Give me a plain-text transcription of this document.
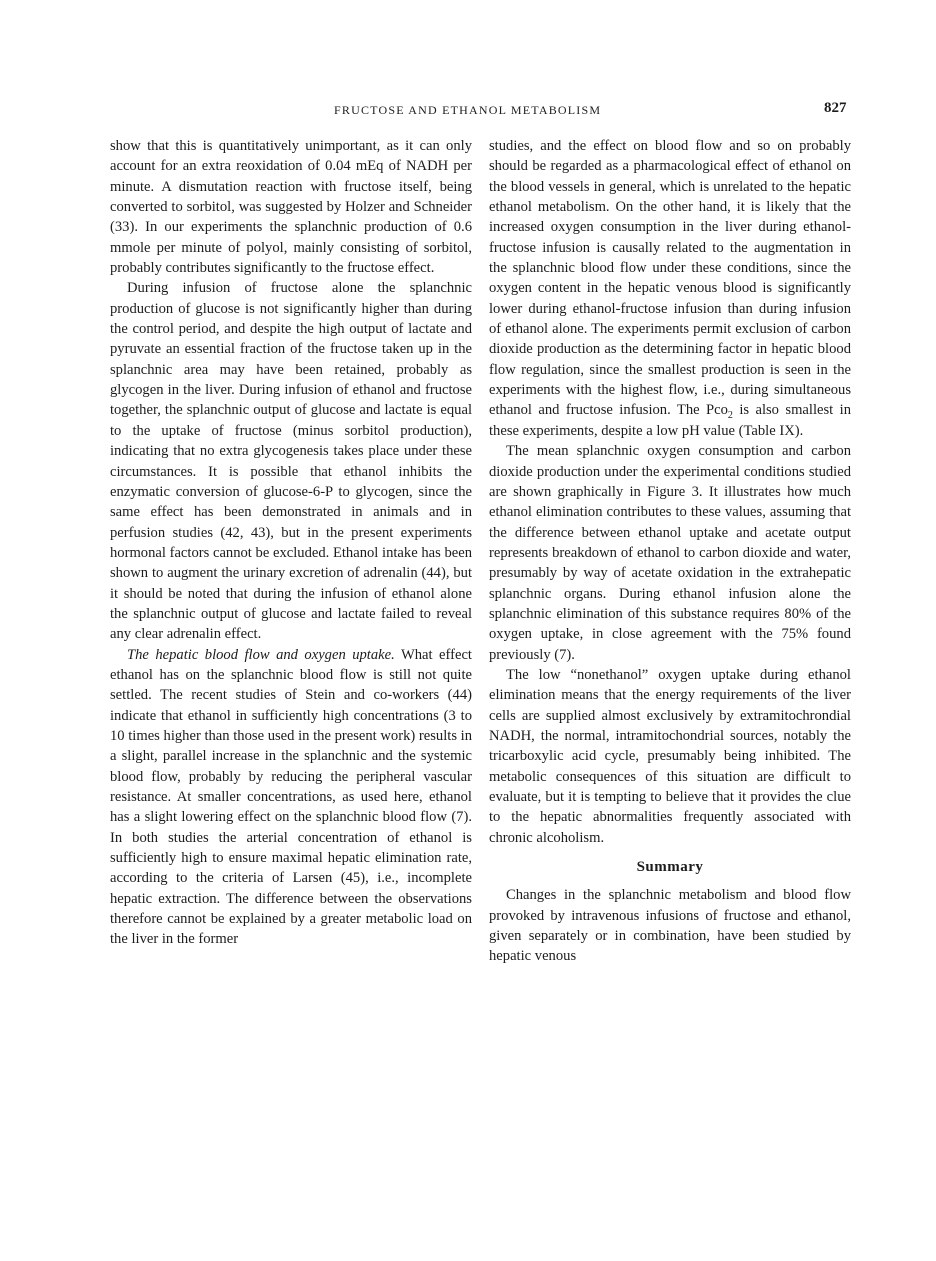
FRUCTOSE AND ETHANOL METABOLISM	827

show that this is quantitatively unimportant, as it can only account for an extra reoxidation of 0.04 mEq of NADH per minute. A dismutation reaction with fructose itself, being converted to sorbitol, was suggested by Holzer and Schneider (33). In our experiments the splanchnic production of 0.6 mmole per minute of polyol, mainly consisting of sorbitol, probably contributes significantly to the fructose effect.

During infusion of fructose alone the splanchnic production of glucose is not significantly higher than during the control period, and despite the high output of lactate and pyruvate an essential fraction of the fructose taken up in the splanchnic area may have been retained, probably as glycogen in the liver. During infusion of ethanol and fructose together, the splanchnic output of glucose and lactate is equal to the uptake of fructose (minus sorbitol production), indicating that no extra glycogenesis takes place under these circumstances. It is possible that ethanol inhibits the enzymatic conversion of glucose-6-P to glycogen, since the same effect has been demonstrated in animals and in perfusion studies (42, 43), but in the present experiments hormonal factors cannot be excluded. Ethanol intake has been shown to augment the urinary excretion of adrenalin (44), but it should be noted that during the infusion of ethanol alone the splanchnic output of glucose and lactate failed to reveal any clear adrenalin effect.

The hepatic blood flow and oxygen uptake. What effect ethanol has on the splanchnic blood flow is still not quite settled. The recent studies of Stein and co-workers (44) indicate that ethanol in sufficiently high concentrations (3 to 10 times higher than those used in the present work) results in a slight, parallel increase in the splanchnic and the systemic blood flow, probably by reducing the peripheral vascular resistance. At smaller concentrations, as used here, ethanol has a slight lowering effect on the splanchnic blood flow (7). In both studies the arterial concentration of ethanol is sufficiently high to ensure maximal hepatic elimination rate, according to the criteria of Larsen (45), i.e., incomplete hepatic extraction. The difference between the observations therefore cannot be explained by a greater metabolic load on the liver in the former

studies, and the effect on blood flow and so on probably should be regarded as a pharmacological effect of ethanol on the blood vessels in general, which is unrelated to the hepatic ethanol metabolism. On the other hand, it is likely that the increased oxygen consumption in the liver during ethanol-fructose infusion is causally related to the augmentation in the splanchnic blood flow under these conditions, since the oxygen content in the hepatic venous blood is significantly lower during ethanol-fructose infusion than during infusion of ethanol alone. The experiments permit exclusion of carbon dioxide production as the determining factor in hepatic blood flow regulation, since the smallest production is seen in the experiments with the highest flow, i.e., during simultaneous ethanol and fructose infusion. The Pco$_2$ is also smallest in these experiments, despite a low pH value (Table IX).

The mean splanchnic oxygen consumption and carbon dioxide production under the experimental conditions studied are shown graphically in Figure 3. It illustrates how much ethanol elimination contributes to these values, assuming that the difference between ethanol uptake and acetate output represents breakdown of ethanol to carbon dioxide and water, presumably by way of acetate oxidation in the extrahepatic splanchnic organs. During ethanol infusion alone the splanchnic elimination of this substance requires 80% of the oxygen uptake, in close agreement with the 75% found previously (7).

The low “nonethanol” oxygen uptake during ethanol elimination means that the energy requirements of the liver cells are supplied almost exclusively by extramitochrondial NADH, the normal, intramitochondrial sources, notably the tricarboxylic acid cycle, presumably being inhibited. The metabolic consequences of this situation are difficult to evaluate, but it is tempting to believe that it provides the clue to the hepatic abnormalities frequently associated with chronic alcoholism.

Summary

Changes in the splanchnic metabolism and blood flow provoked by intravenous infusions of fructose and ethanol, given separately or in combination, have been studied by hepatic venous
